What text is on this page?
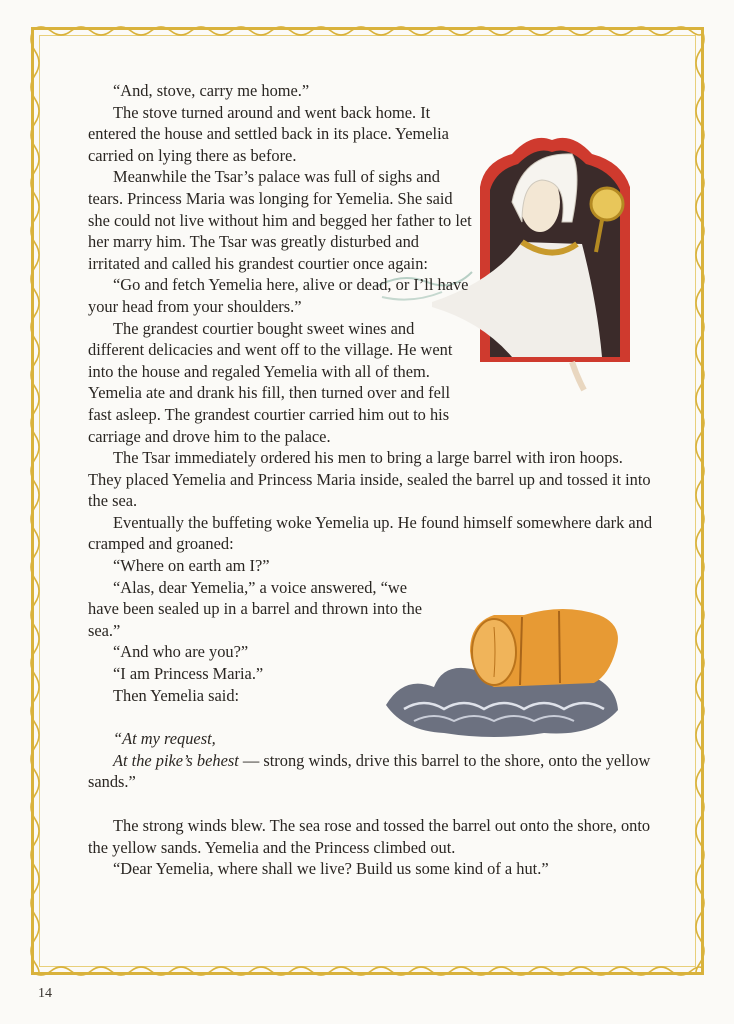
“And, stove, carry me home.”

The stove turned around and went back home. It entered the house and settled back in its place. Yemelia carried on lying there as before.

Meanwhile the Tsar’s palace was full of sighs and tears. Princess Maria was longing for Yemelia. She said she could not live without him and begged her father to let her marry him. The Tsar was greatly disturbed and irritated and called his grandest courtier once again:

“Go and fetch Yemelia here, alive or dead, or I’ll have your head from your shoulders.”

The grandest courtier bought sweet wines and different delicacies and went off to the village. He went into the house and regaled Yemelia with all of them. Yemelia ate and drank his fill, then turned over and fell fast asleep. The grandest courtier carried him out to his carriage and drove him to the palace.

The Tsar immediately ordered his men to bring a large barrel with iron hoops. They placed Yemelia and Princess Maria inside, sealed the barrel up and tossed it into the sea.

Eventually the buffeting woke Yemelia up. He found himself somewhere dark and cramped and groaned:

“Where on earth am I?”

“Alas, dear Yemelia,” a voice answered, “we have been sealed up in a barrel and thrown into the sea.”

“And who are you?”

“I am Princess Maria.”

Then Yemelia said:

“At my request,

At the pike’s behest — strong winds, drive this barrel to the shore, onto the yellow sands.”

The strong winds blew. The sea rose and tossed the barrel out onto the shore, onto the yellow sands. Yemelia and the Princess climbed out.

“Dear Yemelia, where shall we live? Build us some kind of a hut.”

14
